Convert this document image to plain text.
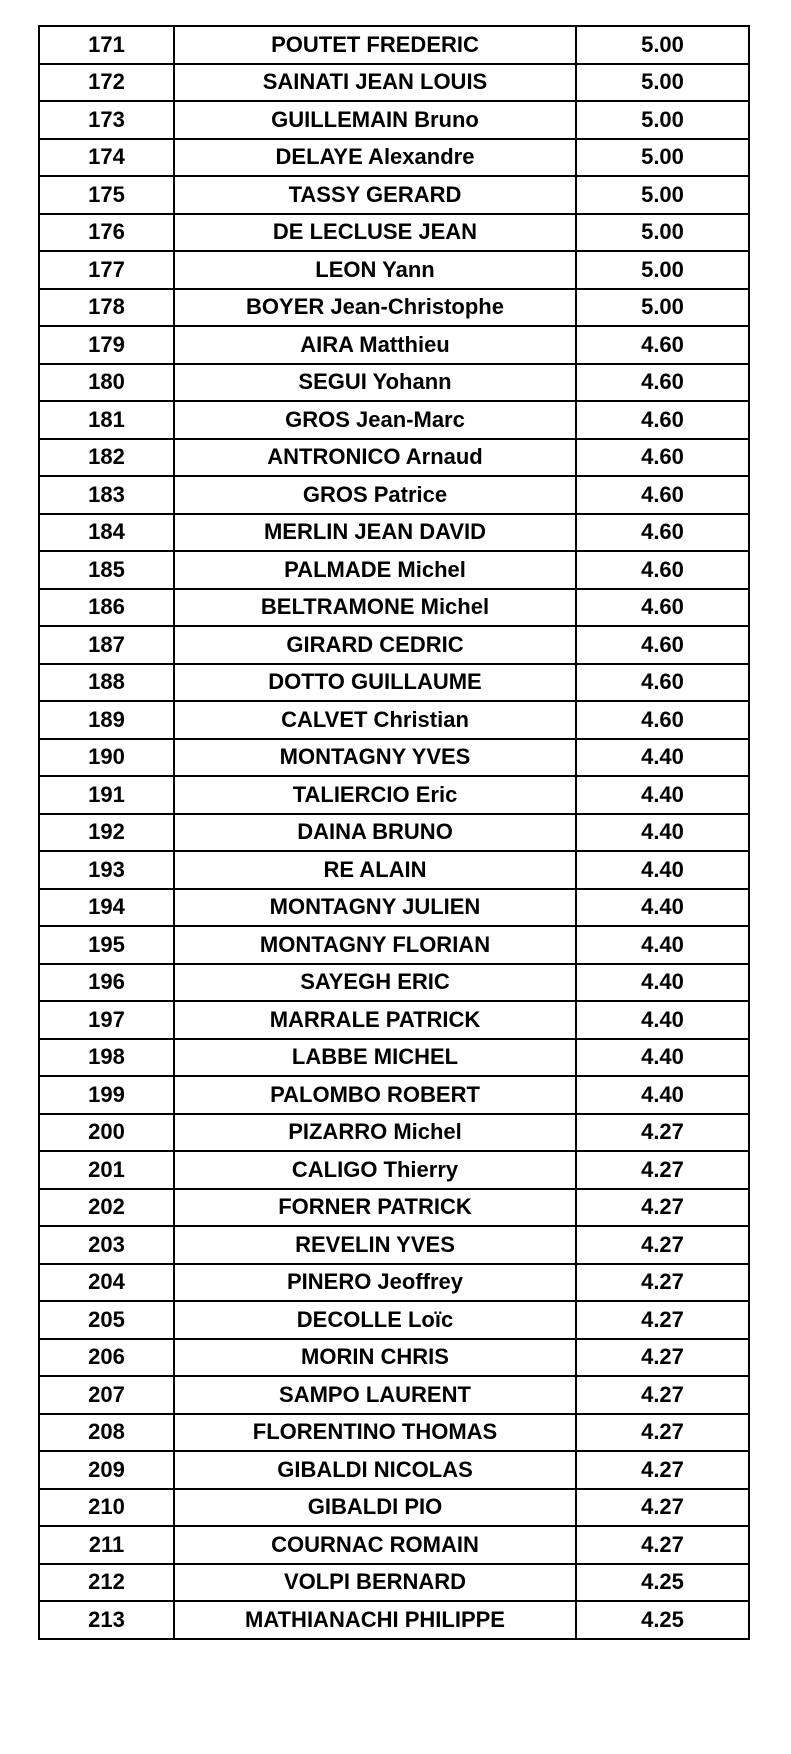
171	POUTET FREDERIC	5.00
172	SAINATI JEAN LOUIS	5.00
173	GUILLEMAIN Bruno	5.00
174	DELAYE Alexandre	5.00
175	TASSY GERARD	5.00
176	DE LECLUSE JEAN	5.00
177	LEON Yann	5.00
178	BOYER Jean-Christophe	5.00
179	AIRA Matthieu	4.60
180	SEGUI Yohann	4.60
181	GROS Jean-Marc	4.60
182	ANTRONICO Arnaud	4.60
183	GROS Patrice	4.60
184	MERLIN JEAN DAVID	4.60
185	PALMADE Michel	4.60
186	BELTRAMONE Michel	4.60
187	GIRARD CEDRIC	4.60
188	DOTTO GUILLAUME	4.60
189	CALVET Christian	4.60
190	MONTAGNY YVES	4.40
191	TALIERCIO Eric	4.40
192	DAINA BRUNO	4.40
193	RE ALAIN	4.40
194	MONTAGNY JULIEN	4.40
195	MONTAGNY FLORIAN	4.40
196	SAYEGH ERIC	4.40
197	MARRALE PATRICK	4.40
198	LABBE MICHEL	4.40
199	PALOMBO ROBERT	4.40
200	PIZARRO Michel	4.27
201	CALIGO Thierry	4.27
202	FORNER PATRICK	4.27
203	REVELIN YVES	4.27
204	PINERO Jeoffrey	4.27
205	DECOLLE Loïc	4.27
206	MORIN CHRIS	4.27
207	SAMPO LAURENT	4.27
208	FLORENTINO THOMAS	4.27
209	GIBALDI NICOLAS	4.27
210	GIBALDI PIO	4.27
211	COURNAC ROMAIN	4.27
212	VOLPI BERNARD	4.25
213	MATHIANACHI PHILIPPE	4.25
